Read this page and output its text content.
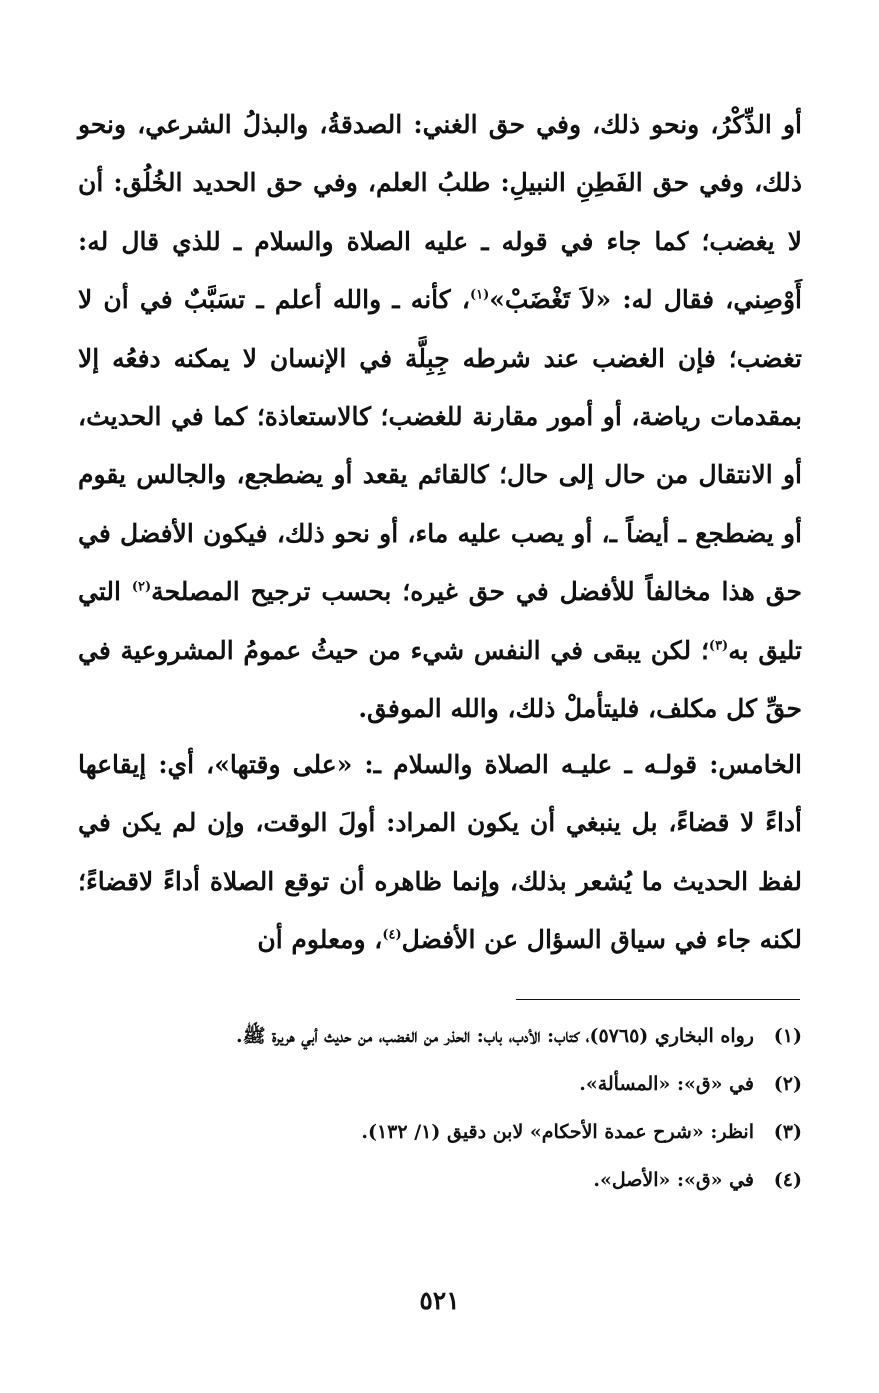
أو الذِّكْرُ، ونحو ذلك، وفي حق الغني: الصدقةُ، والبذلُ الشرعي، ونحو ذلك، وفي حق الفَطِنِ النبيلِ: طلبُ العلم، وفي حق الحديد الخُلُق: أن لا يغضب؛ كما جاء في قوله ـ عليه الصلاة والسلام ـ للذي قال له: أَوْصِني، فقال له: «لاَ تَغْضَبْ»$^{(١)}$، كأنه ـ والله أعلم ـ تسَبَّبٌ في أن لا تغضب؛ فإن الغضب عند شرطه جِبِلَّة في الإنسان لا يمكنه دفعُه إلا بمقدمات رياضة، أو أمور مقارنة للغضب؛ كالاستعاذة؛ كما في الحديث، أو الانتقال من حال إلى حال؛ كالقائم يقعد أو يضطجع، والجالس يقوم أو يضطجع ـ أيضاً ـ، أو يصب عليه ماء، أو نحو ذلك، فيكون الأفضل في حق هذا مخالفاً للأفضل في حق غيره؛ بحسب ترجيح المصلحة$^{(٢)}$ التي تليق به$^{(٣)}$؛ لكن يبقى في النفس شيء من حيثُ عمومُ المشروعية في حقِّ كل مكلف، فليتأملْ ذلك، والله الموفق.

الخامس: قولـه ـ عليـه الصلاة والسلام ـ: «على وقتها»، أي: إيقاعها أداءً لا قضاءً، بل ينبغي أن يكون المراد: أولَ الوقت، وإن لم يكن في لفظ الحديث ما يُشعر بذلك، وإنما ظاهره أن توقع الصلاة أداءً لاقضاءً؛ لكنه جاء في سياق السؤال عن الأفضل$^{(٤)}$، ومعلوم أن

(١)
رواه البخاري (٥٧٦٥)، كتاب: الأدب، باب: الحذر من الغضب، من حديث أبي هريرة ﷺ.
(٢)
في «ق»: «المسألة».
(٣)
انظر: «شرح عمدة الأحكام» لابن دقيق (١/ ١٣٢).
(٤)
في «ق»: «الأصل».
٥٢١
